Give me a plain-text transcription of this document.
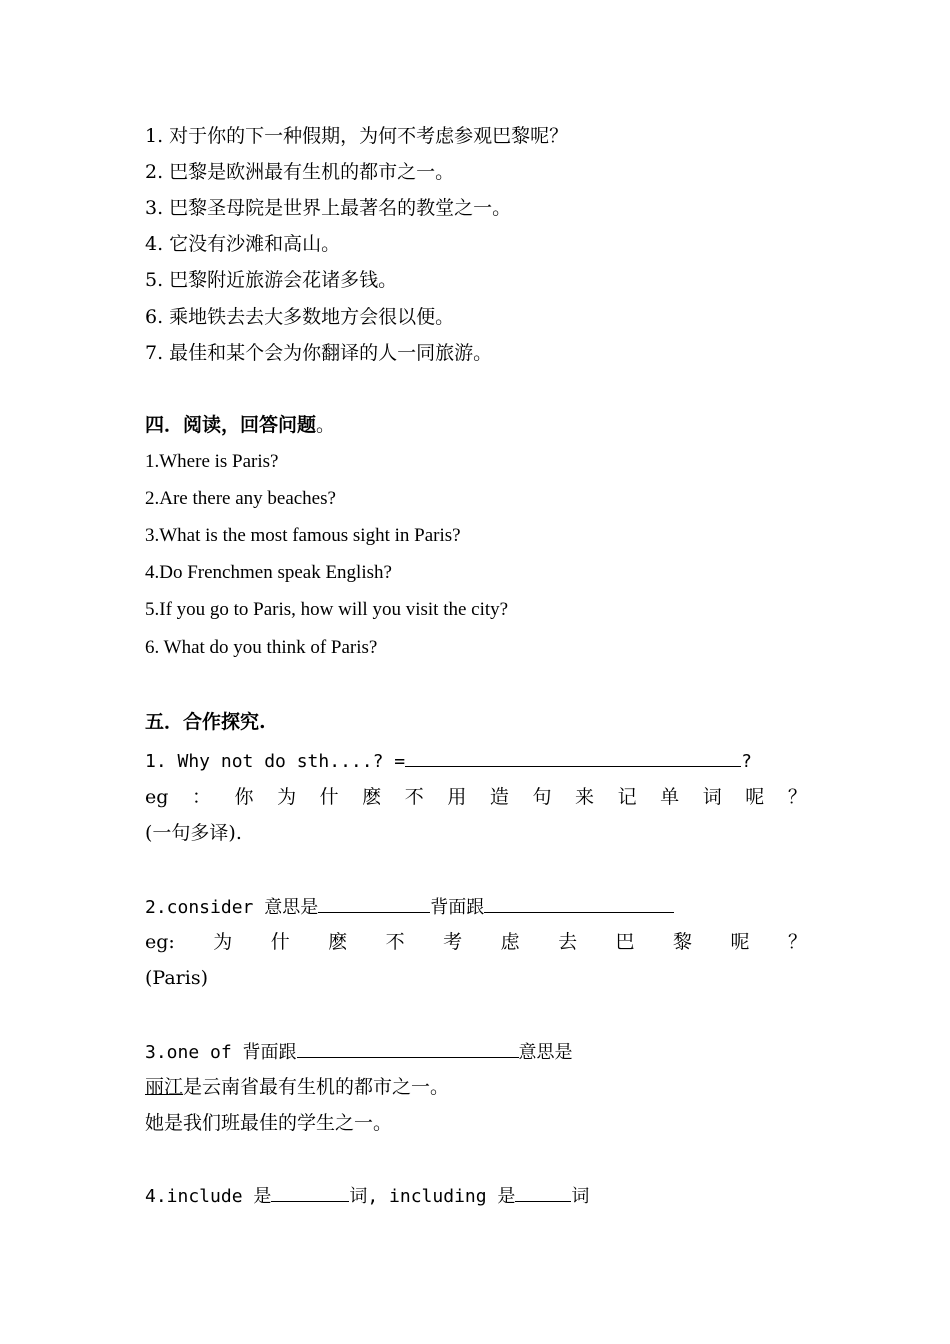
1. 对于你的下一种假期，为何不考虑参观巴黎呢？
2. 巴黎是欧洲最有生机的都市之一。
3. 巴黎圣母院是世界上最著名的教堂之一。
4. 它没有沙滩和高山。
5. 巴黎附近旅游会花诸多钱。
6. 乘地铁去去大多数地方会很以便。
7. 最佳和某个会为你翻译的人一同旅游。
四．阅读，回答问题。
1.Where is Paris?
2.Are there any beaches?
3.What is the most famous sight in Paris?
4.Do Frenchmen speak English?
5.If you go to Paris, how will you visit the city?
6. What do you think of Paris?
五．合作探究.
1. Why not do sth....? =	?
eg ： 你 为 什 麽 不 用 造 句 来 记 单 词 呢 ？
(一句多译).
2.consider 意思是	背面跟
eg: 为 什 麽 不 考 虑 去 巴 黎 呢 ？
(Paris)
3.one of 背面跟	意思是
丽江是云南省最有生机的都市之一。
她是我们班最佳的学生之一。
4.include 是	词, including 是	词
